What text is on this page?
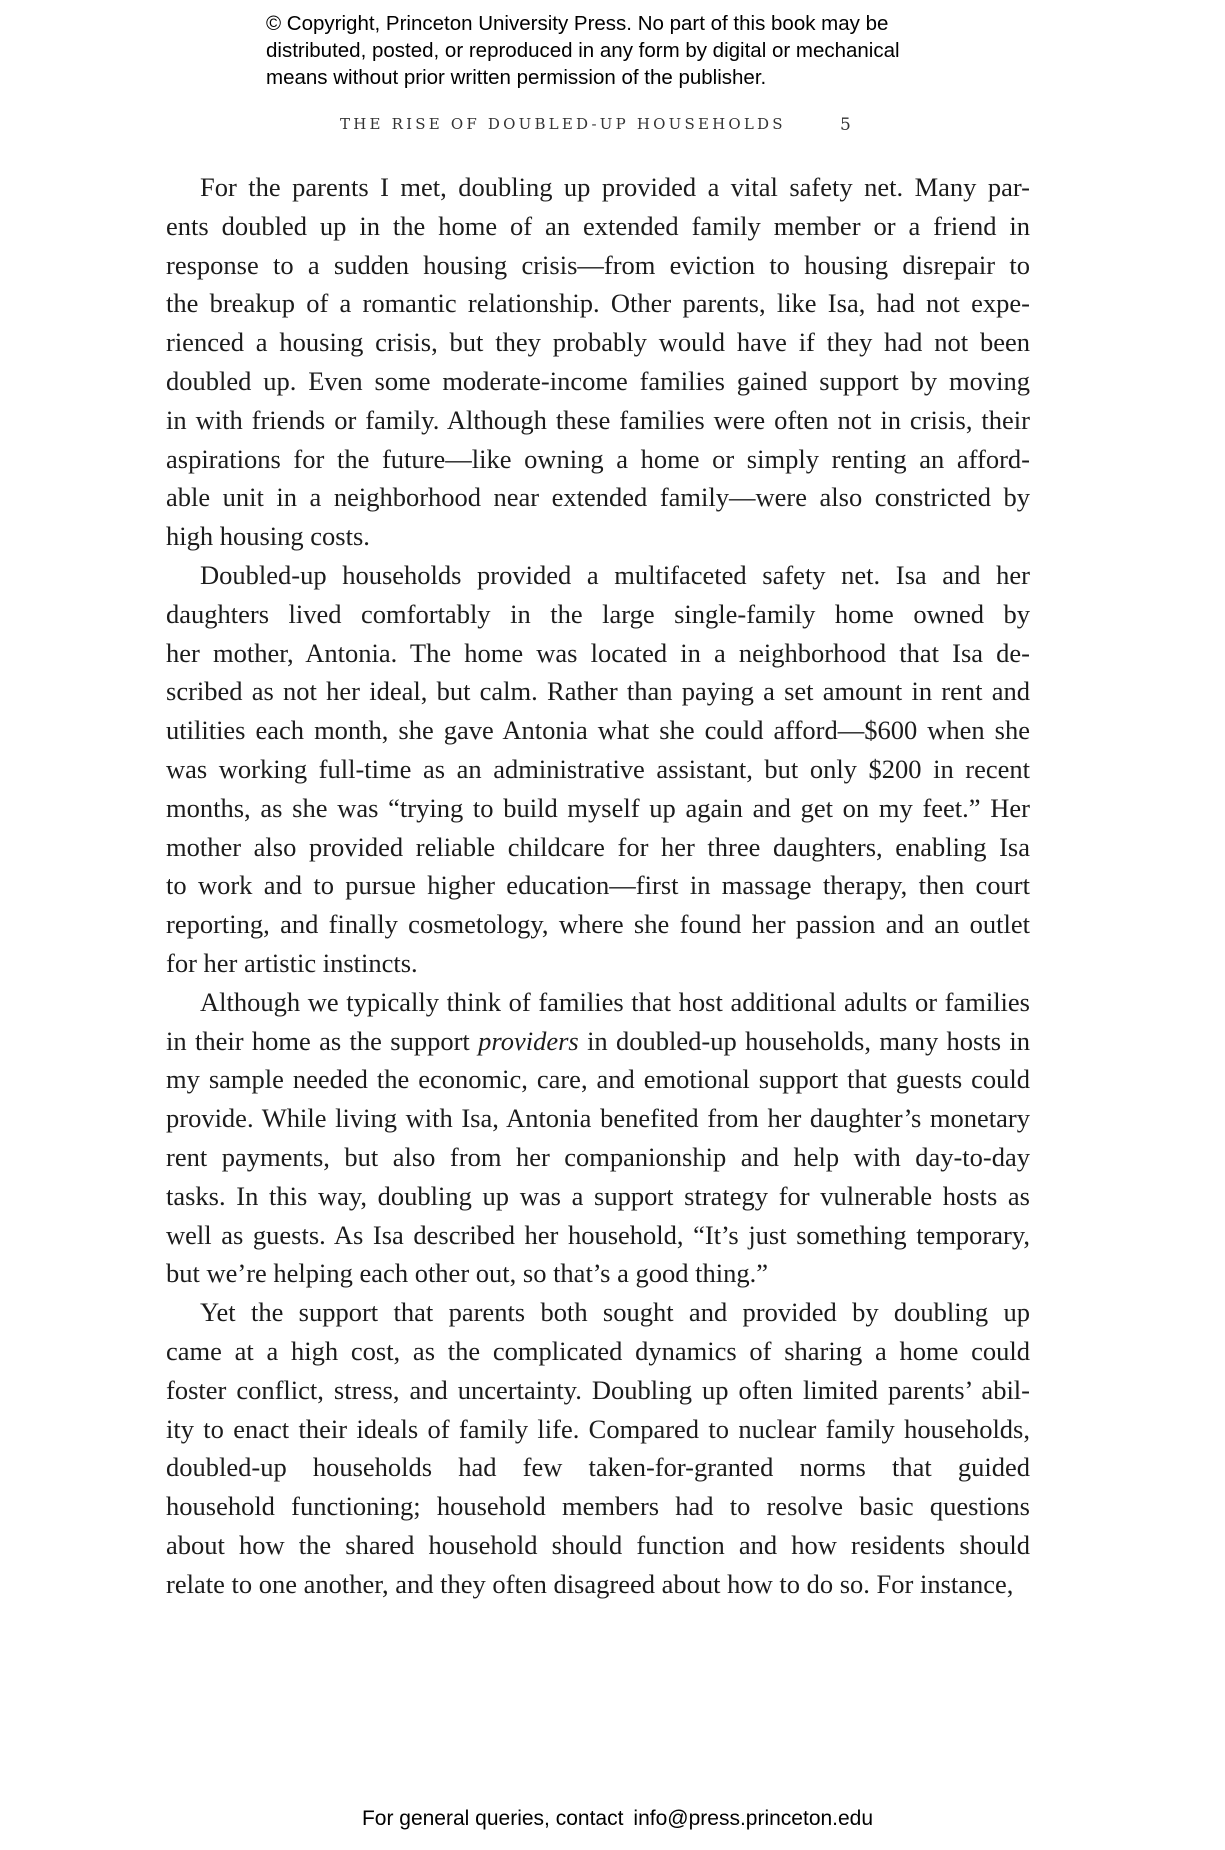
© Copyright, Princeton University Press. No part of this book may be
distributed, posted, or reproduced in any form by digital or mechanical
means without prior written permission of the publisher.
THE RISE OF DOUBLED-UP HOUSEHOLDS	5
For the parents I met, doubling up provided a vital safety net. Many par-
ents doubled up in the home of an extended family member or a friend in
response to a sudden housing crisis—from eviction to housing disrepair to
the breakup of a romantic relationship. Other parents, like Isa, had not expe-
rienced a housing crisis, but they probably would have if they had not been
doubled up. Even some moderate-income families gained support by moving
in with friends or family. Although these families were often not in crisis, their
aspirations for the future—like owning a home or simply renting an afford-
able unit in a neighborhood near extended family—were also constricted by
high housing costs.
Doubled-up households provided a multifaceted safety net. Isa and her
daughters lived comfortably in the large single-family home owned by
her mother, Antonia. The home was located in a neighborhood that Isa de-
scribed as not her ideal, but calm. Rather than paying a set amount in rent and
utilities each month, she gave Antonia what she could afford—$600 when she
was working full-time as an administrative assistant, but only $200 in recent
months, as she was “trying to build myself up again and get on my feet.” Her
mother also provided reliable childcare for her three daughters, enabling Isa
to work and to pursue higher education—first in massage therapy, then court
reporting, and finally cosmetology, where she found her passion and an outlet
for her artistic instincts.
Although we typically think of families that host additional adults or families
in their home as the support providers in doubled-up households, many hosts in
my sample needed the economic, care, and emotional support that guests could
provide. While living with Isa, Antonia benefited from her daughter’s monetary
rent payments, but also from her companionship and help with day-to-day
tasks. In this way, doubling up was a support strategy for vulnerable hosts as
well as guests. As Isa described her household, “It’s just something temporary,
but we’re helping each other out, so that’s a good thing.”
Yet the support that parents both sought and provided by doubling up
came at a high cost, as the complicated dynamics of sharing a home could
foster conflict, stress, and uncertainty. Doubling up often limited parents’ abil-
ity to enact their ideals of family life. Compared to nuclear family households,
doubled-up households had few taken-for-granted norms that guided
household functioning; household members had to resolve basic questions
about how the shared household should function and how residents should
relate to one another, and they often disagreed about how to do so. For instance,
For general queries, contact info@press.princeton.edu
